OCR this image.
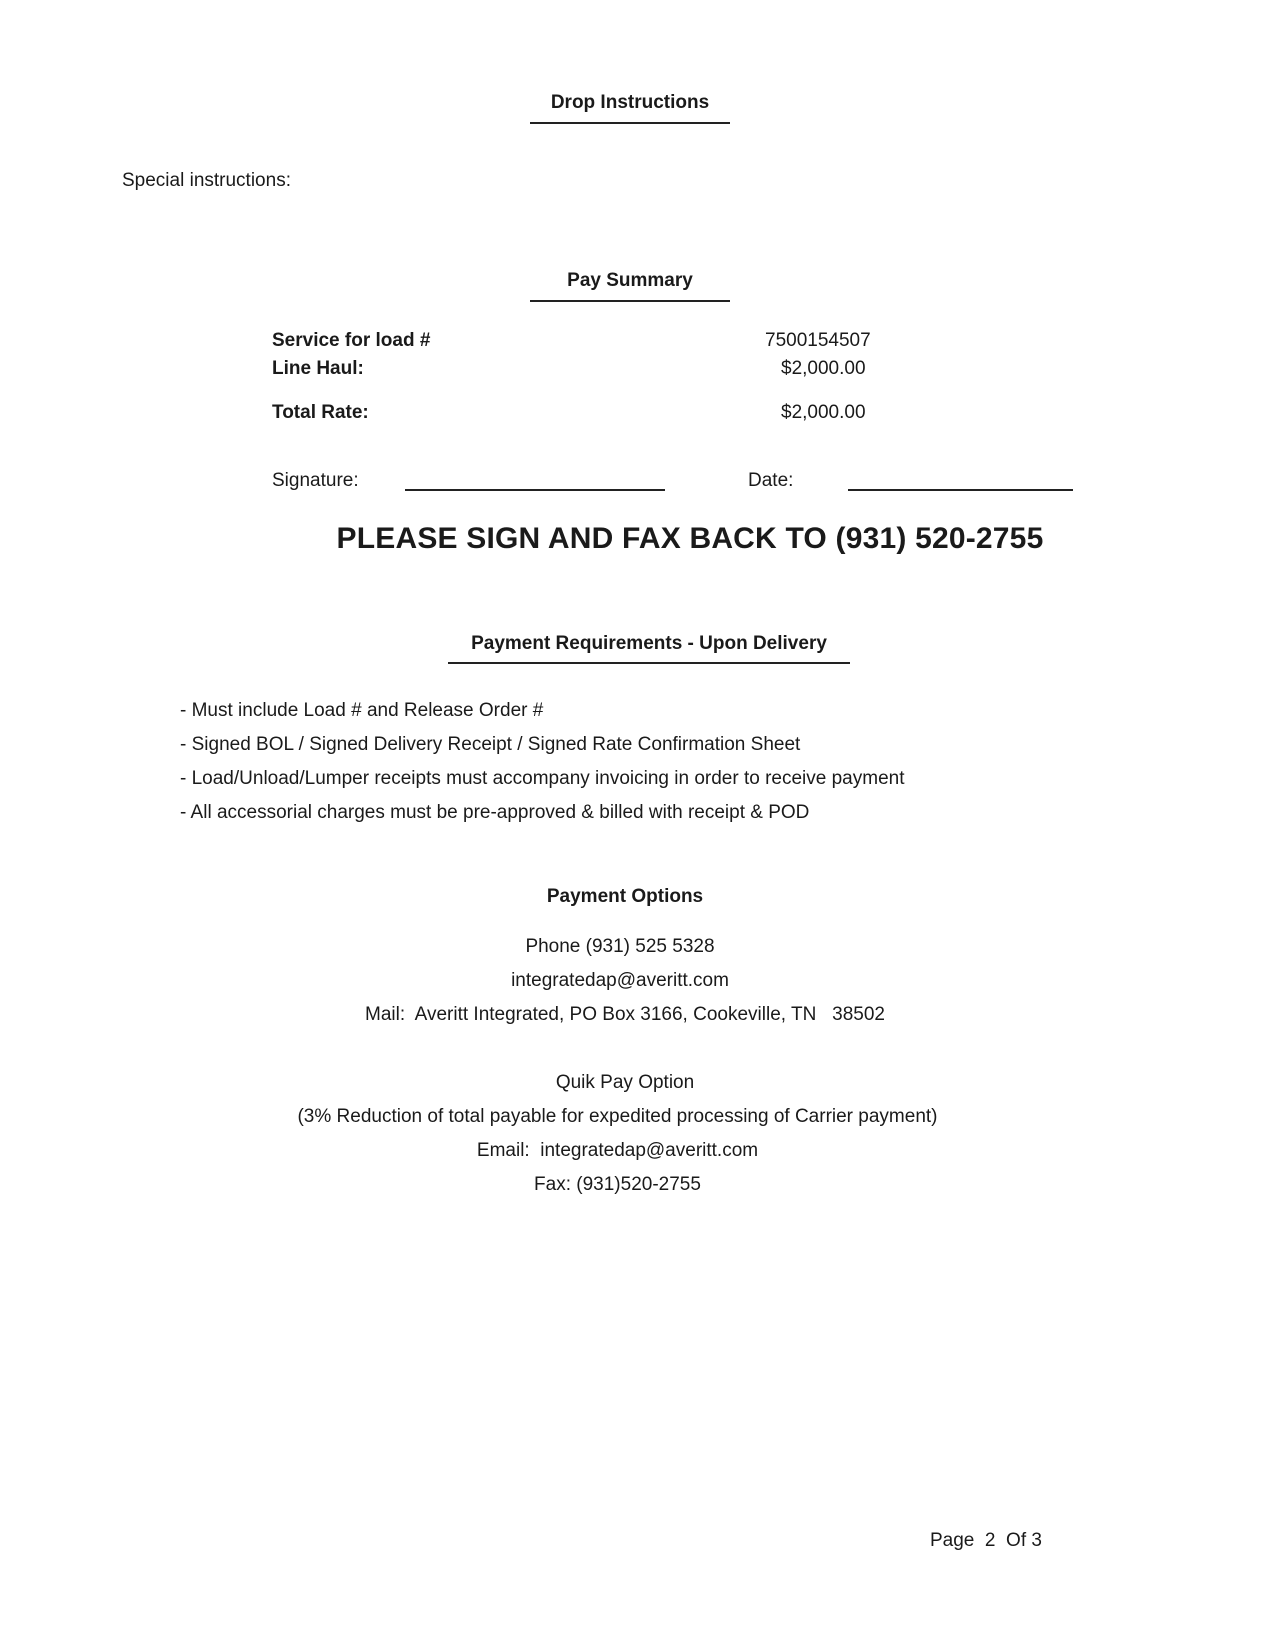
Drop Instructions
Special instructions:
Pay Summary
Service for load #	7500154507
Line Haul:	$2,000.00
Total Rate:	$2,000.00
Signature:	Date:
PLEASE SIGN AND FAX BACK TO (931) 520-2755
Payment Requirements - Upon Delivery
- Must include Load # and Release Order #
- Signed BOL / Signed Delivery Receipt / Signed Rate Confirmation Sheet
- Load/Unload/Lumper receipts must accompany invoicing in order to receive payment
- All accessorial charges must be pre-approved & billed with receipt & POD
Payment Options
Phone (931) 525 5328
integratedap@averitt.com
Mail:  Averitt Integrated, PO Box 3166, Cookeville, TN   38502
Quik Pay Option
(3% Reduction of total payable for expedited processing of Carrier payment)
Email:  integratedap@averitt.com
Fax: (931)520-2755
Page  2  Of 3
